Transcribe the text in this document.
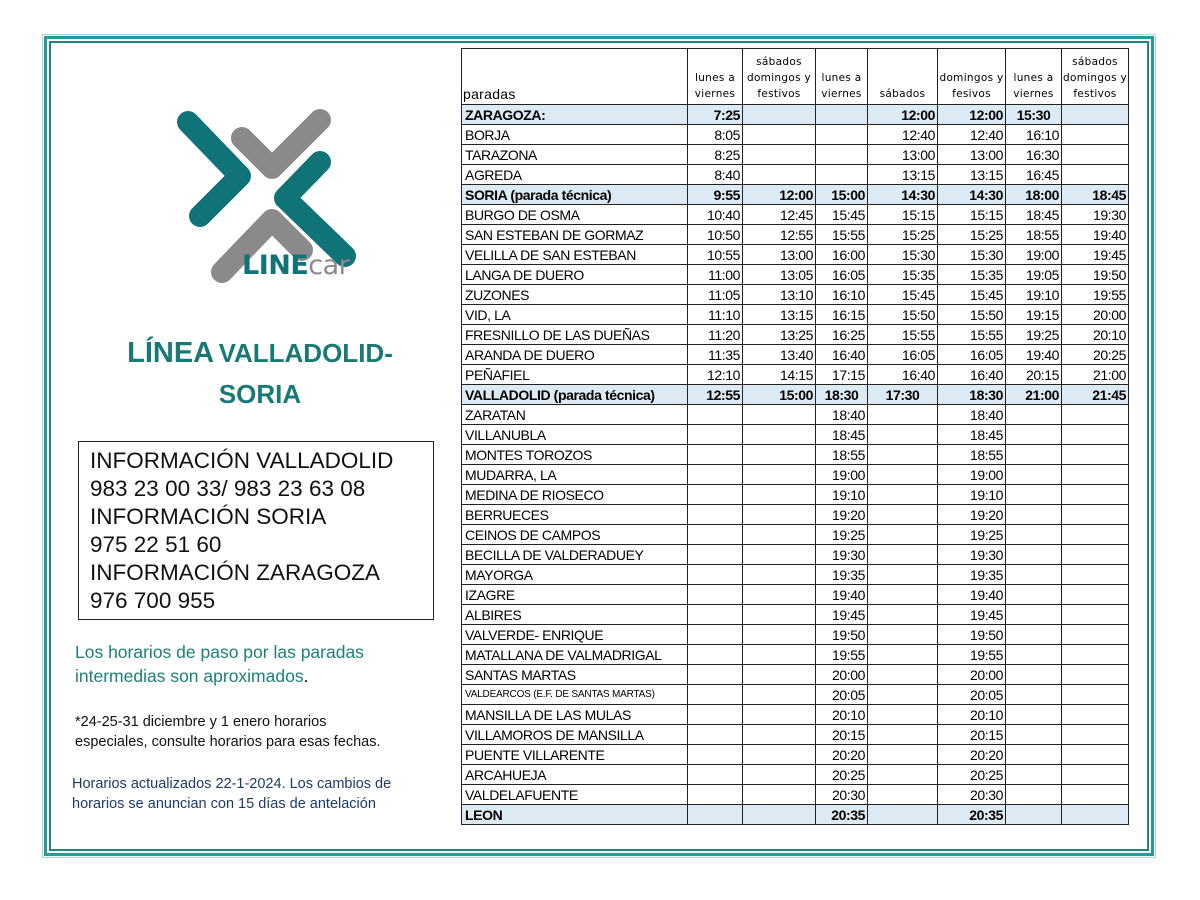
LINEcar
LÍNEA VALLADOLID-
SORIA
INFORMACIÓN VALLADOLID
983 23 00 33/ 983 23 63 08
INFORMACIÓN SORIA
975 22 51 60
INFORMACIÓN ZARAGOZA
976 700 955
Los horarios de paso por las paradas
intermedias son aproximados.
*24-25-31 diciembre y 1 enero horarios
especiales, consulte horarios para esas fechas.
Horarios actualizados 22-1-2024. Los cambios de
horarios se anuncian con 15 días de antelación
paradas	lunes a viernes	sábados domingos y festivos	lunes a viernes	sábados	domingos y fesivos	lunes a viernes	sábados domingos y festivos
ZARAGOZA:	7:25			12:00	12:00	15:30	
BORJA	8:05			12:40	12:40	16:10	
TARAZONA	8:25			13:00	13:00	16:30	
AGREDA	8:40			13:15	13:15	16:45	
SORIA (parada técnica)	9:55	12:00	15:00	14:30	14:30	18:00	18:45
BURGO DE OSMA	10:40	12:45	15:45	15:15	15:15	18:45	19:30
SAN ESTEBAN DE GORMAZ	10:50	12:55	15:55	15:25	15:25	18:55	19:40
VELILLA DE SAN ESTEBAN	10:55	13:00	16:00	15:30	15:30	19:00	19:45
LANGA DE DUERO	11:00	13:05	16:05	15:35	15:35	19:05	19:50
ZUZONES	11:05	13:10	16:10	15:45	15:45	19:10	19:55
VID, LA	11:10	13:15	16:15	15:50	15:50	19:15	20:00
FRESNILLO DE LAS DUEÑAS	11:20	13:25	16:25	15:55	15:55	19:25	20:10
ARANDA DE DUERO	11:35	13:40	16:40	16:05	16:05	19:40	20:25
PEÑAFIEL	12:10	14:15	17:15	16:40	16:40	20:15	21:00
VALLADOLID (parada técnica)	12:55	15:00	18:30	17:30	18:30	21:00	21:45
ZARATAN			18:40		18:40		
VILLANUBLA			18:45		18:45		
MONTES TOROZOS			18:55		18:55		
MUDARRA, LA			19:00		19:00		
MEDINA DE RIOSECO			19:10		19:10		
BERRUECES			19:20		19:20		
CEINOS DE CAMPOS			19:25		19:25		
BECILLA DE VALDERADUEY			19:30		19:30		
MAYORGA			19:35		19:35		
IZAGRE			19:40		19:40		
ALBIRES			19:45		19:45		
VALVERDE- ENRIQUE			19:50		19:50		
MATALLANA DE VALMADRIGAL			19:55		19:55		
SANTAS MARTAS			20:00		20:00		
VALDEARCOS (E.F. DE SANTAS MARTAS)			20:05		20:05		
MANSILLA DE LAS MULAS			20:10		20:10		
VILLAMOROS DE MANSILLA			20:15		20:15		
PUENTE VILLARENTE			20:20		20:20		
ARCAHUEJA			20:25		20:25		
VALDELAFUENTE			20:30		20:30		
LEON			20:35		20:35		
